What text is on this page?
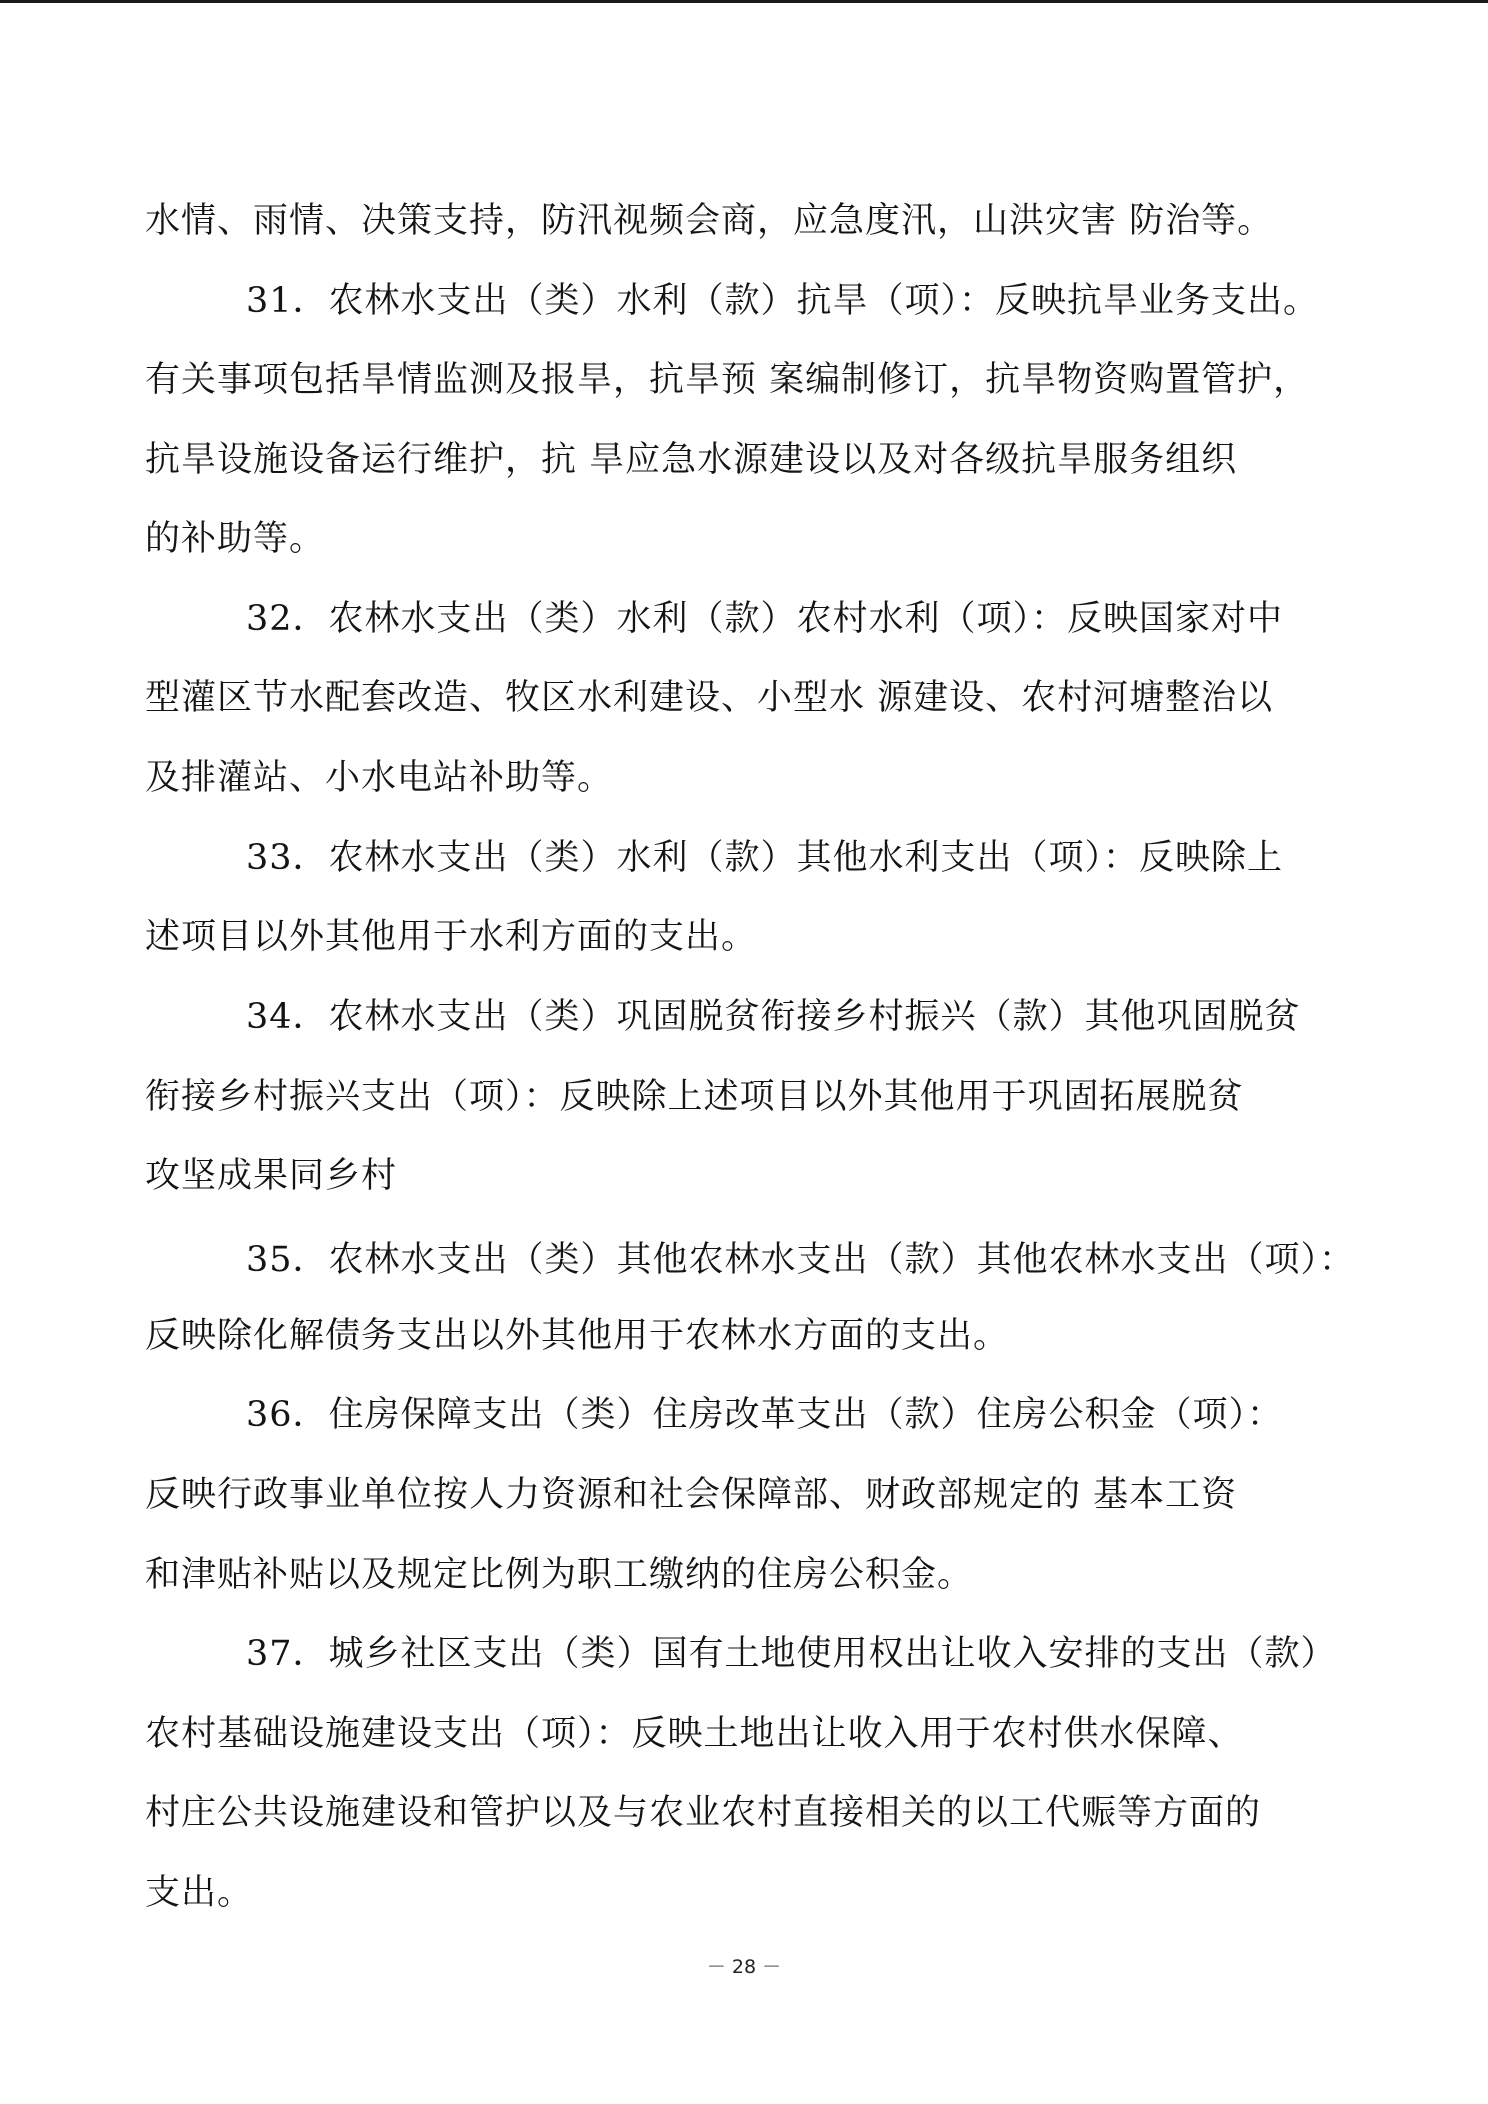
水情、雨情、决策支持，防汛视频会商，应急度汛，山洪灾害 防治等。
31．农林水支出（类）水利（款）抗旱（项）：反映抗旱业务支出。
有关事项包括旱情监测及报旱，抗旱预 案编制修订，抗旱物资购置管护，
抗旱设施设备运行维护，抗 旱应急水源建设以及对各级抗旱服务组织
的补助等。
32．农林水支出（类）水利（款）农村水利（项）：反映国家对中
型灌区节水配套改造、牧区水利建设、小型水 源建设、农村河塘整治以
及排灌站、小水电站补助等。
33．农林水支出（类）水利（款）其他水利支出（项）：反映除上
述项目以外其他用于水利方面的支出。
34．农林水支出（类）巩固脱贫衔接乡村振兴（款）其他巩固脱贫
衔接乡村振兴支出（项）：反映除上述项目以外其他用于巩固拓展脱贫
攻坚成果同乡村
35．农林水支出（类）其他农林水支出（款）其他农林水支出（项）：
反映除化解债务支出以外其他用于农林水方面的支出。
36．住房保障支出（类）住房改革支出（款）住房公积金（项）：
反映行政事业单位按人力资源和社会保障部、财政部规定的 基本工资
和津贴补贴以及规定比例为职工缴纳的住房公积金。
37．城乡社区支出（类）国有土地使用权出让收入安排的支出（款）
农村基础设施建设支出（项）：反映土地出让收入用于农村供水保障、
村庄公共设施建设和管护以及与农业农村直接相关的以工代赈等方面的
支出。
－ 28 －
